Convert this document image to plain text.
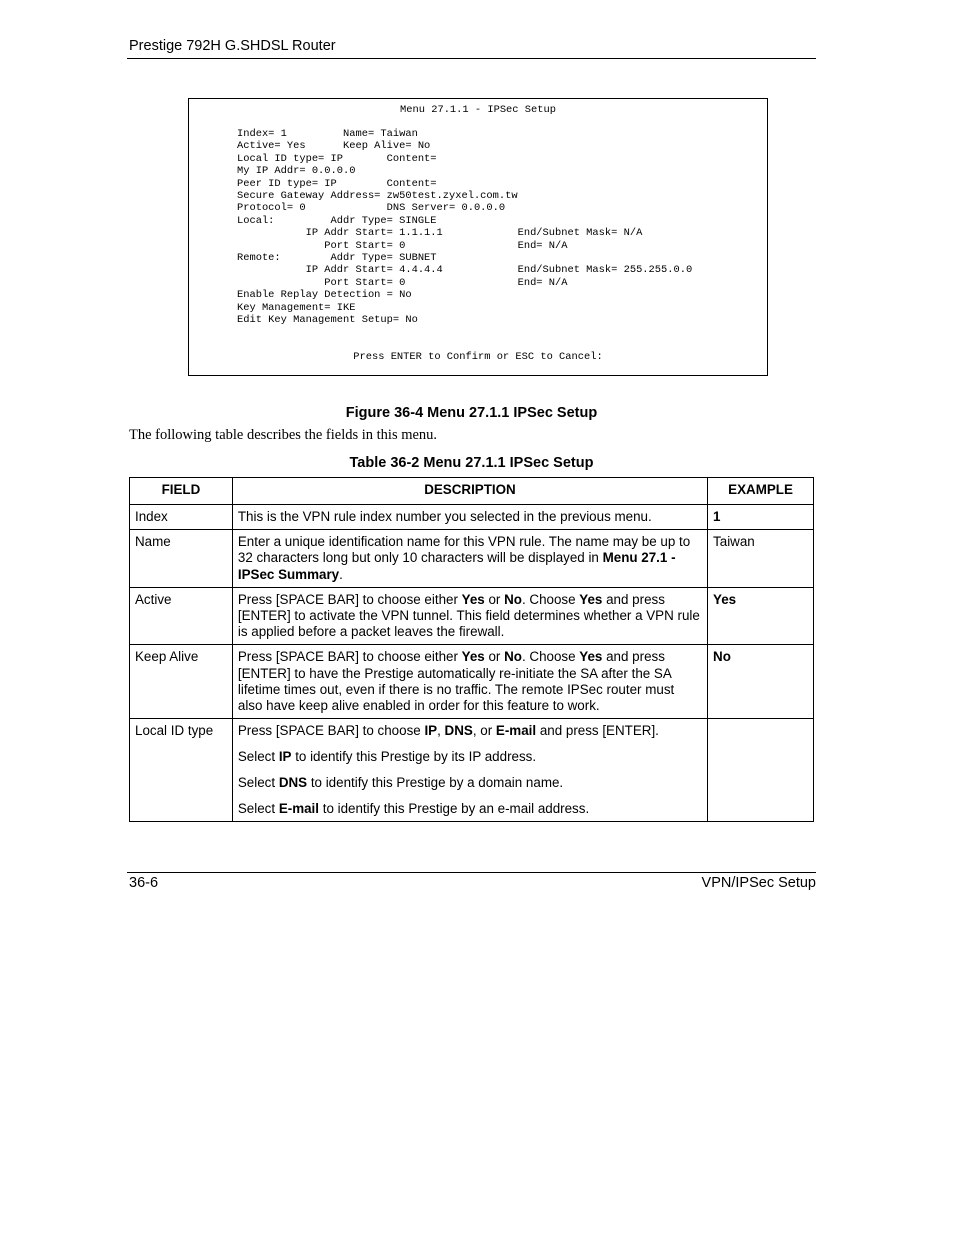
Prestige 792H G.SHDSL Router
Menu 27.1.1 - IPSec Setup
Index= 1         Name= Taiwan
Active= Yes      Keep Alive= No
Local ID type= IP       Content=
My IP Addr= 0.0.0.0
Peer ID type= IP        Content=
Secure Gateway Address= zw50test.zyxel.com.tw
Protocol= 0             DNS Server= 0.0.0.0
Local:         Addr Type= SINGLE
IP Addr Start= 1.1.1.1            End/Subnet Mask= N/A
Port Start= 0                  End= N/A
Remote:        Addr Type= SUBNET
IP Addr Start= 4.4.4.4            End/Subnet Mask= 255.255.0.0
Port Start= 0                  End= N/A
Enable Replay Detection = No
Key Management= IKE
Edit Key Management Setup= No

Press ENTER to Confirm or ESC to Cancel:
Figure 36-4 Menu 27.1.1 IPSec Setup
The following table describes the fields in this menu.
Table 36-2 Menu 27.1.1 IPSec Setup
FIELD	DESCRIPTION	EXAMPLE
Index	This is the VPN rule index number you selected in the previous menu.	1
Name	Enter a unique identification name for this VPN rule. The name may be up to 32 characters long but only 10 characters will be displayed in Menu 27.1 - IPSec Summary.	Taiwan
Active	Press [SPACE BAR] to choose either Yes or No. Choose Yes and press [ENTER] to activate the VPN tunnel. This field determines whether a VPN rule is applied before a packet leaves the firewall.	Yes
Keep Alive	Press [SPACE BAR] to choose either Yes or No. Choose Yes and press [ENTER] to have the Prestige automatically re-initiate the SA after the SA lifetime times out, even if there is no traffic. The remote IPSec router must also have keep alive enabled in order for this feature to work.	No
Local ID type	Press [SPACE BAR] to choose IP, DNS, or E-mail and press [ENTER].

Select IP to identify this Prestige by its IP address.

Select DNS to identify this Prestige by a domain name.

Select E-mail to identify this Prestige by an e-mail address.	

36-6	VPN/IPSec Setup
